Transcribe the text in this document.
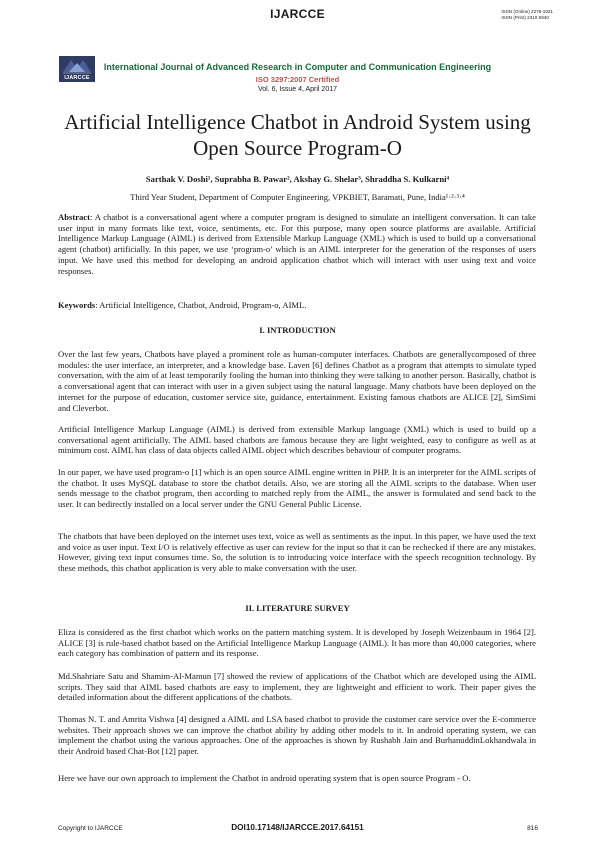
IJARCCE	ISSN (Online) 2278-1021
ISSN (Print) 2319 5940
IJARCCE
International Journal of Advanced Research in Computer and Communication Engineering
ISO 3297:2007 Certified
Vol. 6, Issue 4, April 2017
Artificial Intelligence Chatbot in Android System using Open Source Program-O
Sarthak V. Doshi¹, Suprabha B. Pawar², Akshay G. Shelar³, Shraddha S. Kulkarni⁴
Third Year Student, Department of Computer Engineering, VPKBIET, Baramati, Pune, India¹·²·³·⁴

Abstract: A chatbot is a conversational agent where a computer program is designed to simulate an intelligent conversation. It can take user input in many formats like text, voice, sentiments, etc. For this purpose, many open source platforms are available. Artificial Intelligence Markup Language (AIML) is derived from Extensible Markup Language (XML) which is used to build up a conversational agent (chatbot) artificially. In this paper, we use ‘program-o’ which is an AIML interpreter for the generation of the responses of users input. We have used this method for developing an android application chatbot which will interact with user using text and voice responses.

Keywords: Artificial Intelligence, Chatbot, Android, Program-o, AIML.

I. INTRODUCTION

Over the last few years, Chatbots have played a prominent role as human-computer interfaces. Chatbots are generallycomposed of three modules: the user interface, an interpreter, and a knowledge base. Laven [6] defines Chatbot as a program that attempts to simulate typed conversation, with the aim of at least temporarily fooling the human into thinking they were talking to another person. Basically, chatbot is a conversational agent that can interact with user in a given subject using the natural language. Many chatbots have been deployed on the internet for the purpose of education, customer service site, guidance, entertainment. Existing famous chatbots are ALICE [2], SimSimi and Cleverbot.

Artificial Intelligence Markup Language (AIML) is derived from extensible Markup language (XML) which is used to build up a conversational agent artificially. The AIML based chatbots are famous because they are light weighted, easy to configure as well as at minimum cost. AIML has class of data objects called AIML object which describes behaviour of computer programs.

In our paper, we have used program-o [1] which is an open source AIML engine written in PHP. It is an interpreter for the AIML scripts of the chatbot. It uses MySQL database to store the chatbot details. Also, we are storing all the AIML scripts to the database. When user sends message to the chatbot program, then according to matched reply from the AIML, the answer is formulated and send back to the user. It can bedirectly installed on a local server under the GNU General Public License.

The chatbots that have been deployed on the internet uses text, voice as well as sentiments as the input. In this paper, we have used the text and voice as user input. Text I/O is relatively effective as user can review for the input so that it can be rechecked if there are any mistakes. However, giving text input consumes time. So, the solution is to introducing voice interface with the speech recognition technology. By these methods, this chatbot application is very able to make conversation with the user.

II. LITERATURE SURVEY

Eliza is considered as the first chatbot which works on the pattern matching system. It is developed by Joseph Weizenbaum in 1964 [2]. ALICE [3] is rule-based chatbot based on the Artificial Intelligence Markup Language (AIML). It has more than 40,000 categories, where each category has combination of pattern and its response.

Md.Shahriare Satu and Shamim-Al-Mamun [7] showed the review of applications of the Chatbot which are developed using the AIML scripts. They said that AIML based chatbots are easy to implement, they are lightweight and efficient to work. Their paper gives the detailed information about the different applications of the chatbots.

Thomas N. T. and Amrita Vishwa [4] designed a AIML and LSA based chatbot to provide the customer care service over the E-commerce websites. Their approach shows we can improve the chatbot ability by adding other models to it. In android operating system, we can implement the chatbot using the various approaches. One of the approaches is shown by Rushabh Jain and BurhanuddinLokhandwala in their Android based Chat-Bot [12] paper.

Here we have our own approach to implement the Chatbot in android operating system that is open source Program - O.

Copyright to IJARCCE	DOI10.17148/IJARCCE.2017.64151	816
